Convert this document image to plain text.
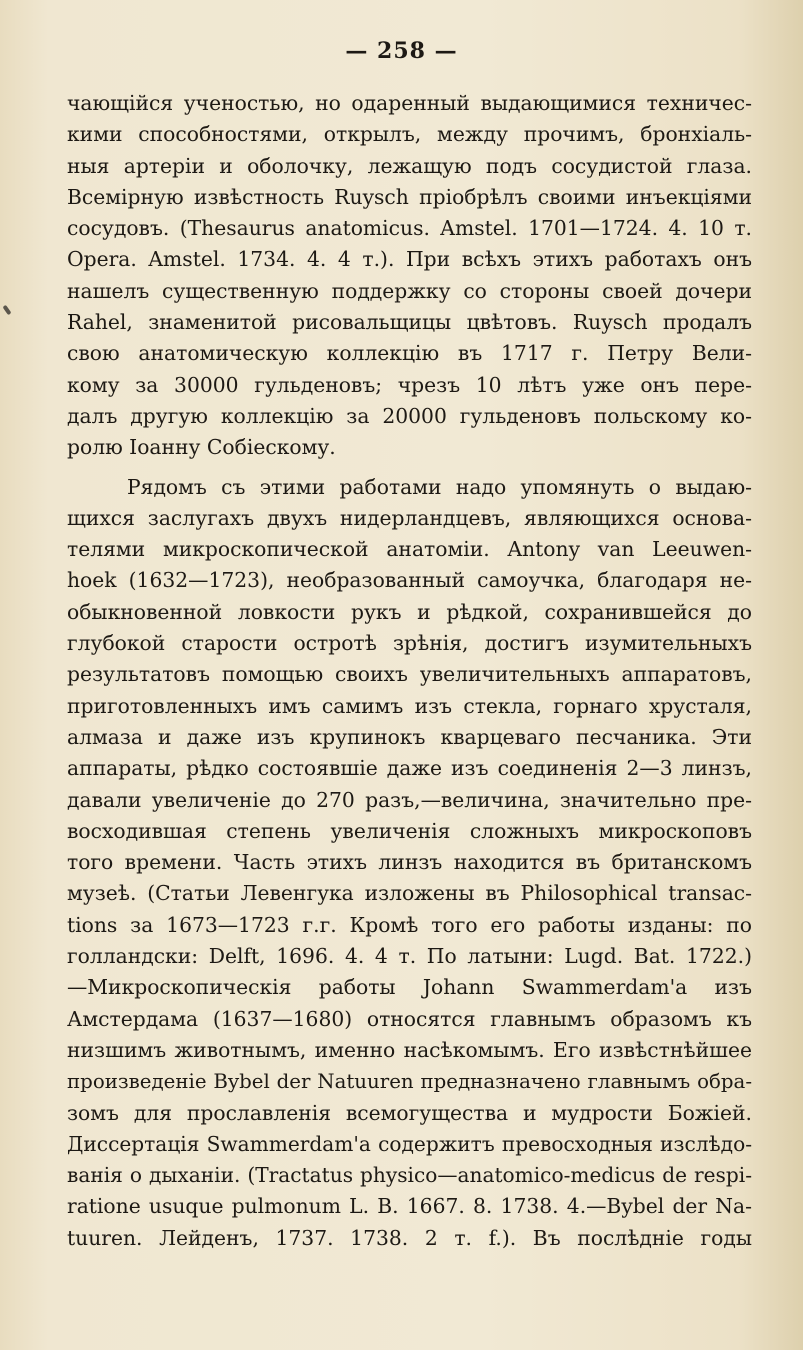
— 258 —
чающійся ученостью, но одаренный выдающимися техничес-
кими способностями, открылъ, между прочимъ, бронхіаль-
ныя артеріи и оболочку, лежащую подъ сосудистой глаза.
Всемірную извѣстность Ruysch пріобрѣлъ своими инъекціями
сосудовъ. (Thesaurus anatomicus. Amstel. 1701—1724. 4. 10 т.
Opera. Amstel. 1734. 4. 4 т.). При всѣхъ этихъ работахъ онъ
нашелъ существенную поддержку со стороны своей дочери
Rahel, знаменитой рисовальщицы цвѣтовъ. Ruysch продалъ
свою анатомическую коллекцію въ 1717 г. Петру Вели-
кому за 30000 гульденовъ; чрезъ 10 лѣтъ уже онъ пере-
далъ другую коллекцію за 20000 гульденовъ польскому ко-
ролю Іоанну Собіескому.
Рядомъ съ этими работами надо упомянуть о выдаю-
щихся заслугахъ двухъ нидерландцевъ, являющихся основа-
телями микроскопической анатоміи. Antony van Leeuwen-
hoek (1632—1723), необразованный самоучка, благодаря не-
обыкновенной ловкости рукъ и рѣдкой, сохранившейся до
глубокой старости остротѣ зрѣнія, достигъ изумительныхъ
результатовъ помощью своихъ увеличительныхъ аппаратовъ,
приготовленныхъ имъ самимъ изъ стекла, горнаго хрусталя,
алмаза и даже изъ крупинокъ кварцеваго песчаника. Эти
аппараты, рѣдко состоявшіе даже изъ соединенія 2—3 линзъ,
давали увеличеніе до 270 разъ,—величина, значительно пре-
восходившая степень увеличенія сложныхъ микроскоповъ
того времени. Часть этихъ линзъ находится въ британскомъ
музеѣ. (Статьи Левенгука изложены въ Philosophical transac-
tions за 1673—1723 г.г. Кромѣ того его работы изданы: по
голландски: Delft, 1696. 4. 4 т. По латыни: Lugd. Bat. 1722.)
—Микроскопическія работы Johann Swammerdam'а изъ
Амстердама (1637—1680) относятся главнымъ образомъ къ
низшимъ животнымъ, именно насѣкомымъ. Его извѣстнѣйшее
произведеніе Bybel der Natuuren предназначено главнымъ обра-
зомъ для прославленія всемогущества и мудрости Божіей.
Диссертація Swammerdam'а содержитъ превосходныя изслѣдо-
ванія о дыханіи. (Tractatus physico—anatomico-medicus de respi-
ratione usuque pulmonum L. B. 1667. 8. 1738. 4.—Bybel der Na-
tuuren. Лейденъ, 1737. 1738. 2 т. f.). Въ послѣдніе годы
